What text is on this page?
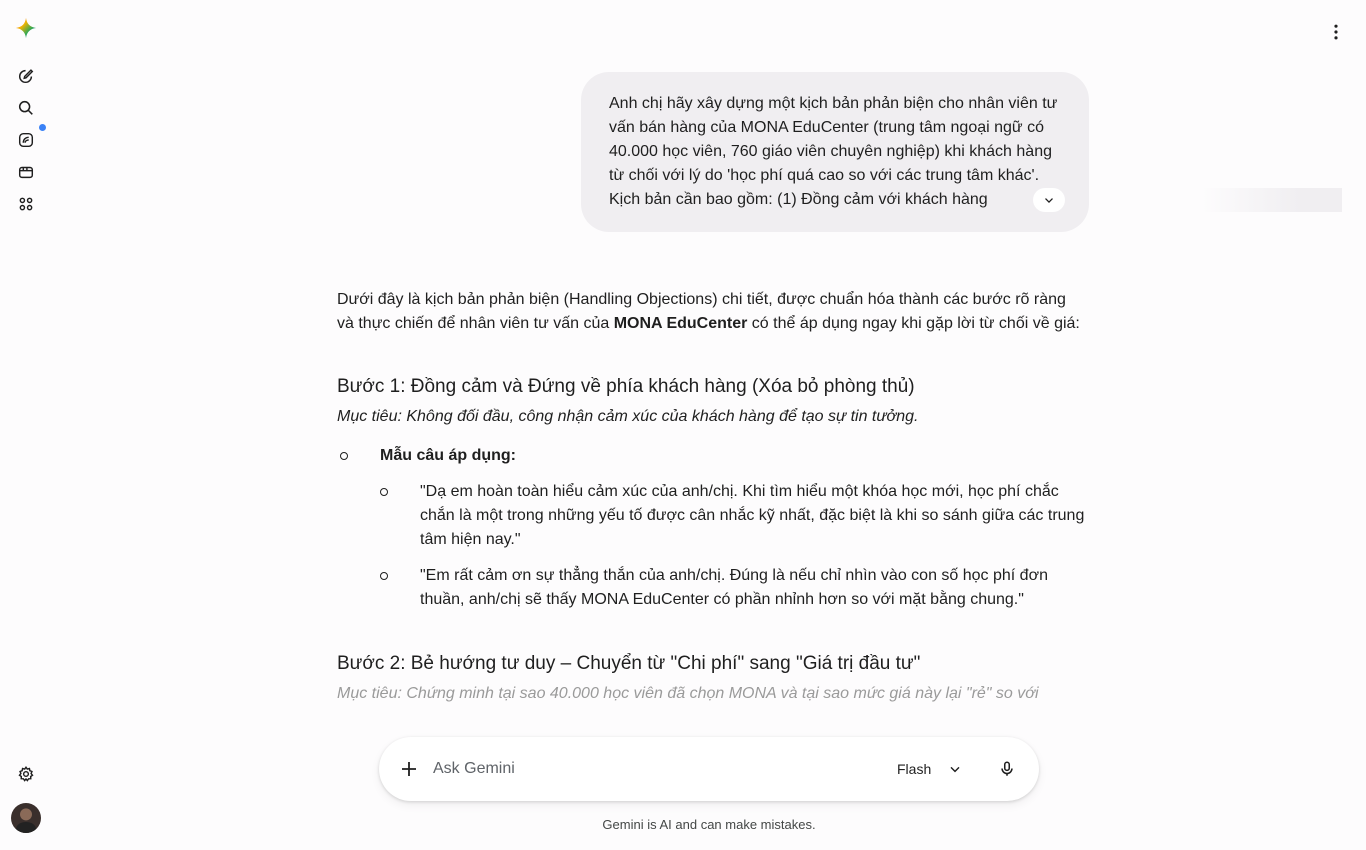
Anh chị hãy xây dựng một kịch bản phản biện cho nhân viên tư vấn bán hàng của MONA EduCenter (trung tâm ngoại ngữ có 40.000 học viên, 760 giáo viên chuyên nghiệp) khi khách hàng từ chối với lý do 'học phí quá cao so với các trung tâm khác'. Kịch bản cần bao gồm: (1) Đồng cảm với khách hàng

Dưới đây là kịch bản phản biện (Handling Objections) chi tiết, được chuẩn hóa thành các bước rõ ràng và thực chiến để nhân viên tư vấn của MONA EduCenter có thể áp dụng ngay khi gặp lời từ chối về giá:

Bước 1: Đồng cảm và Đứng về phía khách hàng (Xóa bỏ phòng thủ)

Mục tiêu: Không đối đầu, công nhận cảm xúc của khách hàng để tạo sự tin tưởng.

Mẫu câu áp dụng:
"Dạ em hoàn toàn hiểu cảm xúc của anh/chị. Khi tìm hiểu một khóa học mới, học phí chắc chắn là một trong những yếu tố được cân nhắc kỹ nhất, đặc biệt là khi so sánh giữa các trung tâm hiện nay."
"Em rất cảm ơn sự thẳng thắn của anh/chị. Đúng là nếu chỉ nhìn vào con số học phí đơn thuần, anh/chị sẽ thấy MONA EduCenter có phần nhỉnh hơn so với mặt bằng chung."
Bước 2: Bẻ hướng tư duy – Chuyển từ "Chi phí" sang "Giá trị đầu tư"

Mục tiêu: Chứng minh tại sao 40.000 học viên đã chọn MONA và tại sao mức giá này lại "rẻ" so với

Ask Gemini
Flash
Gemini is AI and can make mistakes.
